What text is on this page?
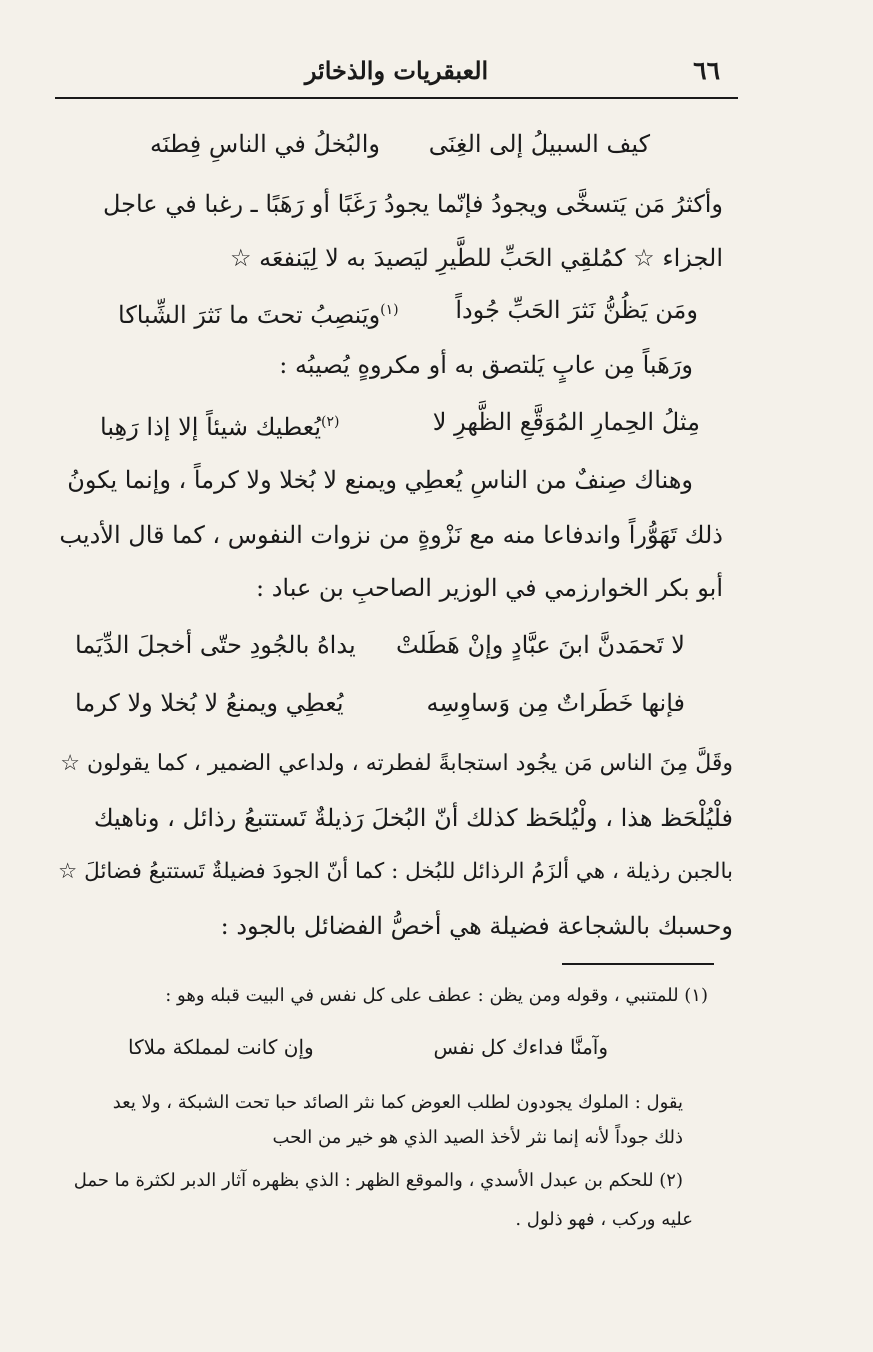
٦٦
العبقريات والذخائر
كيف السبيلُ إلى الغِنَى
والبُخلُ في الناسِ فِطنَه
وأكثرُ مَن يَتسخَّى ويجودُ فإنّما يجودُ رَغَبًا أو رَهَبًا ـ رغبا في عاجل
الجزاء ☆ كمُلقِي الحَبِّ للطَّيرِ ليَصيدَ به لا لِيَنفعَه ☆
ومَن يَظُنُّ نَثرَ الحَبِّ جُوداً
$^{(١)}$ويَنصِبُ تحتَ ما نَثرَ الشِّباكا
ورَهَباً مِن عابٍ يَلتصق به أو مكروهٍ يُصيبُه :
مِثلُ الحِمارِ المُوَقَّعِ الظَّهرِ لا
$^{(٢)}$يُعطيك شيئاً إلا إذا رَهِبا
وهناك صِنفٌ من الناسِ يُعطِي ويمنع لا بُخلا ولا كرماً ، وإنما يكونُ
ذلك تَهَوُّراً واندفاعا منه مع نَزْوةٍ من نزوات النفوس ، كما قال الأديب
أبو بكر الخوارزمي في الوزير الصاحبِ بن عباد :
لا تَحمَدنَّ ابنَ عبَّادٍ وإنْ هَطَلتْ
يداهُ بالجُودِ حتّى أخجلَ الدِّيَما
فإنها خَطَراتٌ مِن وَساوِسِه
يُعطِي ويمنعُ لا بُخلا ولا كرما
وقَلَّ مِنَ الناس مَن يجُود استجابةً لفطرته ، ولداعي الضمير ، كما يقولون ☆
فلْيُلْحَظ هذا ، ولْيُلحَظ كذلك أنّ البُخلَ رَذيلةٌ تَستتبعُ رذائل ، وناهيك
بالجبن رذيلة ، هي ألزَمُ الرذائل للبُخل : كما أنّ الجودَ فضيلةٌ تَستتبعُ فضائلَ ☆
وحسبك بالشجاعة فضيلة هي أخصُّ الفضائل بالجود :
(١) للمتنبي ، وقوله ومن يظن : عطف على كل نفس في البيت قبله وهو :
وآمنَّا فداءك كل نفس
وإن كانت لمملكة ملاكا
يقول : الملوك يجودون لطلب العوض كما نثر الصائد حبا تحت الشبكة ، ولا يعد
ذلك جوداً لأنه إنما نثر لأخذ الصيد الذي هو خير من الحب
(٢) للحكم بن عبدل الأسدي ، والموقع الظهر : الذي بظهره آثار الدبر لكثرة ما حمل
عليه وركب ، فهو ذلول .
